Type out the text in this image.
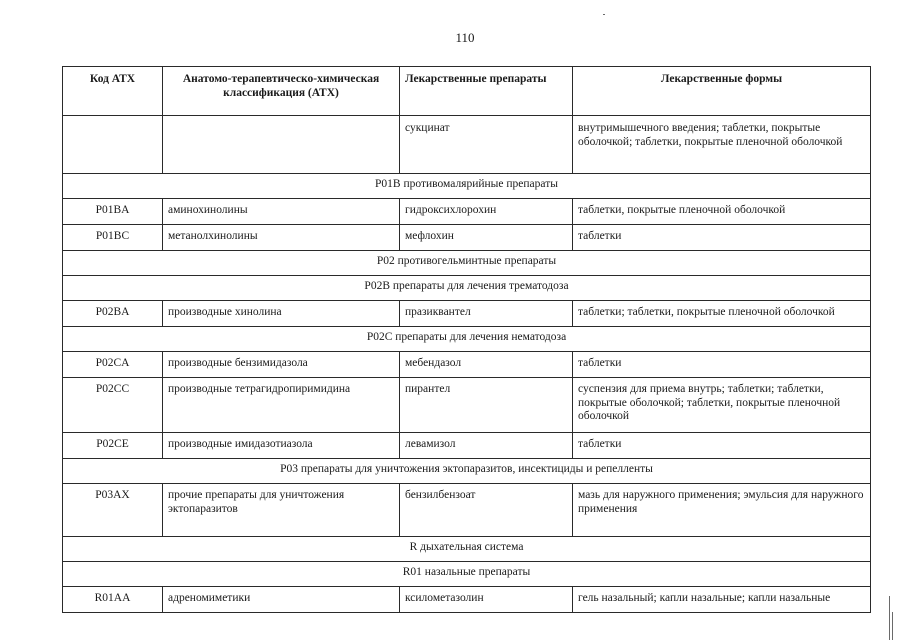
110
Код АТХ	Анатомо-терапевтическо-химическая классификация (АТХ)	Лекарственные препараты	Лекарственные формы
		сукцинат	внутримышечного введения; таблетки, покрытые оболочкой; таблетки, покрытые пленочной оболочкой
P01B противомалярийные препараты			
P01BA	аминохинолины	гидроксихлорохин	таблетки, покрытые пленочной оболочкой
P01BC	метанолхинолины	мефлохин	таблетки
P02 противогельминтные препараты			
P02B препараты для лечения трематодоза			
P02BA	производные хинолина	празиквантел	таблетки; таблетки, покрытые пленочной оболочкой
P02C препараты для лечения нематодоза			
P02CA	производные бензимидазола	мебендазол	таблетки
P02CC	производные тетрагидропиримидина	пирантел	суспензия для приема внутрь; таблетки; таблетки, покрытые оболочкой; таблетки, покрытые пленочной оболочкой
P02CE	производные имидазотиазола	левамизол	таблетки
P03 препараты для уничтожения эктопаразитов, инсектициды и репелленты			
P03AX	прочие препараты для уничтожения эктопаразитов	бензилбензоат	мазь для наружного применения; эмульсия для наружного
применения
R дыхательная система			
R01 назальные препараты			
R01AA	адреномиметики	ксилометазолин	гель назальный; капли назальные; капли назальные
